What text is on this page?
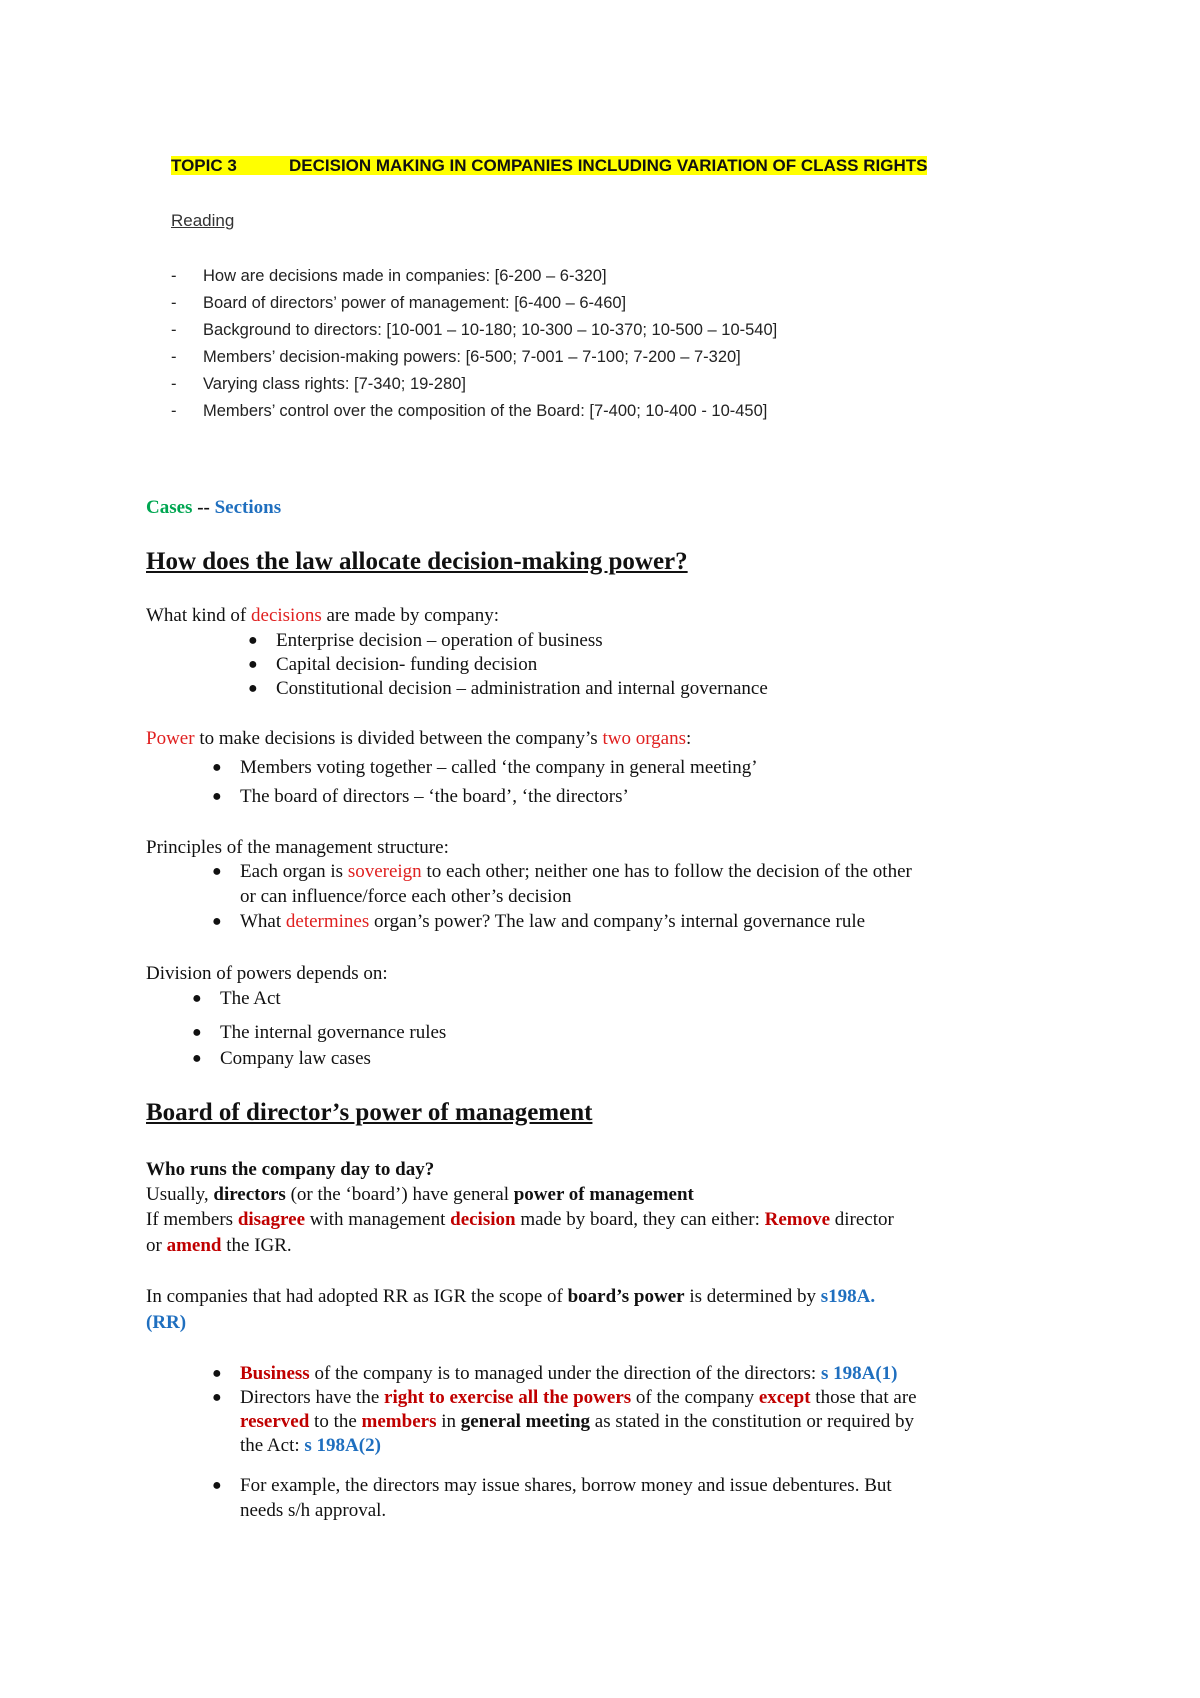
TOPIC 3	DECISION MAKING IN COMPANIES INCLUDING VARIATION OF CLASS RIGHTS
Reading
- How are decisions made in companies: [6-200 – 6-320]
- Board of directors’ power of management: [6-400 – 6-460]
- Background to directors: [10-001 – 10-180; 10-300 – 10-370; 10-500 – 10-540]
- Members’ decision-making powers: [6-500; 7-001 – 7-100; 7-200 – 7-320]
- Varying class rights: [7-340; 19-280]
- Members’ control over the composition of the Board: [7-400; 10-400 - 10-450]
Cases -- Sections
How does the law allocate decision-making power?
What kind of decisions are made by company:
● Enterprise decision – operation of business
● Capital decision- funding decision
● Constitutional decision – administration and internal governance
Power to make decisions is divided between the company’s two organs:
● Members voting together – called ‘the company in general meeting’
● The board of directors – ‘the board’, ‘the directors’
Principles of the management structure:
● Each organ is sovereign to each other; neither one has to follow the decision of the other
or can influence/force each other’s decision
● What determines organ’s power? The law and company’s internal governance rule
Division of powers depends on:
● The Act
● The internal governance rules
● Company law cases
Board of director’s power of management
Who runs the company day to day?
Usually, directors (or the ‘board’) have general power of management
If members disagree with management decision made by board, they can either: Remove director
or amend the IGR.
In companies that had adopted RR as IGR the scope of board’s power is determined by s198A.
(RR)
● Business of the company is to managed under the direction of the directors: s 198A(1)
● Directors have the right to exercise all the powers of the company except those that are
reserved to the members in general meeting as stated in the constitution or required by
the Act: s 198A(2)
● For example, the directors may issue shares, borrow money and issue debentures. But
needs s/h approval.
